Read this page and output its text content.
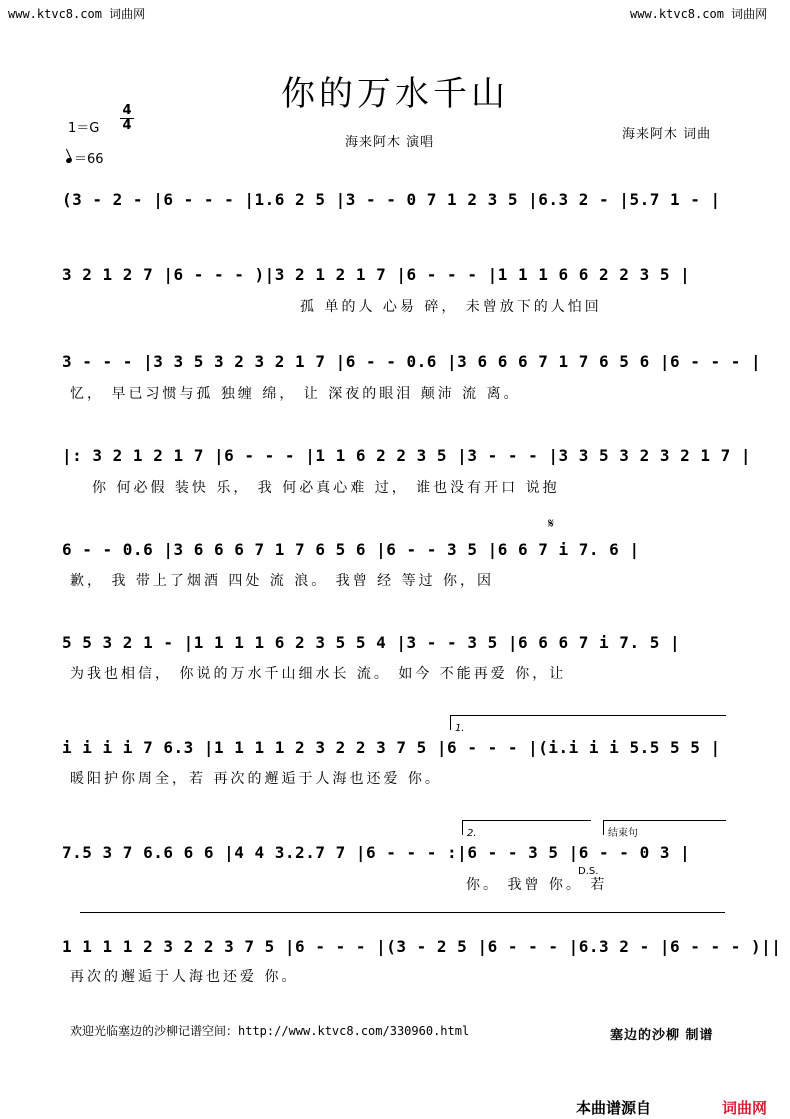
www.ktvc8.com 词曲网	www.ktvc8.com 词曲网
你的万水千山
1＝G
4
4
＝66
海来阿木 演唱
海来阿木 词曲
(3 - 2 - |6 - - - |1.6 2 5 |3 - - 0 7 1 2 3 5 |6.3 2 - |5.7 1 - |
3 2 1 2 7 |6 - - - )|3 2 1 2 1 7 |6 - - - |1 1 1 6 6 2 2 3 5 |
孤 单的人 心易 碎， 未曾放下的人怕回
3 - - - |3 3 5 3 2 3 2 1 7 |6 - - 0.6 |3 6 6 6 7 1 7 6 5 6 |6 - - - |
忆， 早已习惯与孤 独缠 绵， 让 深夜的眼泪 颠沛 流 离。
|: 3 2 1 2 1 7 |6 - - - |1 1 6 2 2 3 5 |3 - - - |3 3 5 3 2 3 2 1 7 |
你 何必假 装快 乐， 我 何必真心难 过， 谁也没有开口 说抱
𝄋
6 - - 0.6 |3 6 6 6 7 1 7 6 5 6 |6 - - 3 5 |6 6 7 i 7. 6 |
歉， 我 带上了烟酒 四处 流 浪。 我曾 经 等过 你，因
5 5 3 2 1 - |1 1 1 1 6 2 3 5 5 4 |3 - - 3 5 |6 6 6 7 i 7. 5 |
为我也相信， 你说的万水千山细水长 流。 如今 不能再爱 你，让
1.
i i i i 7 6.3 |1 1 1 1 2 3 2 2 3 7 5 |6 - - - |(i.i i i 5.5 5 5 |
暖阳护你周全，若 再次的邂逅于人海也还爱 你。
2.	结束句
7.5 3 7 6.6 6 6 |4 4 3.2.7 7 |6 - - - :|6 - - 3 5 |6 - - 0 3 |
D.S.
你。 我曾 你。 若
1 1 1 1 2 3 2 2 3 7 5 |6 - - - |(3 - 2 5 |6 - - - |6.3 2 - |6 - - - )||
再次的邂逅于人海也还爱 你。
欢迎光临塞边的沙柳记谱空间：http://www.ktvc8.com/330960.html	塞边的沙柳 制谱
本曲谱源自	词曲网
